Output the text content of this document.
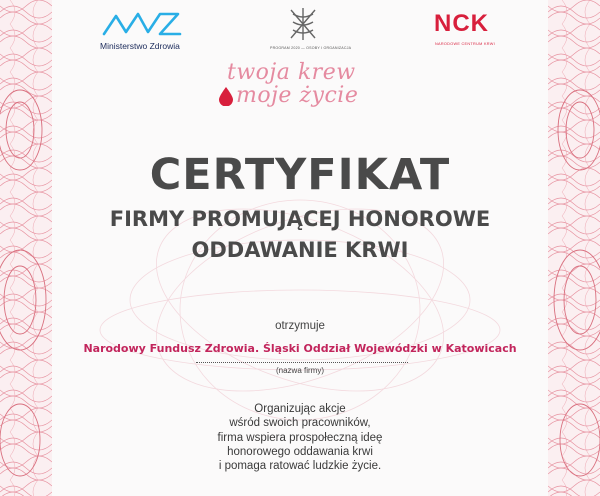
Ministerstwo Zdrowia	PROGRAM 2020 — OSOBY I ORGANIZACJA
NCK
NARODOWE CENTRUM KRWI
twoja krew
moje życie
CERTYFIKAT
FIRMY PROMUJĄCEJ HONOROWE
ODDAWANIE KRWI
otrzymuje
Narodowy Fundusz Zdrowia. Śląski Oddział Wojewódzki w Katowicach
(nazwa firmy)
Organizując akcje
wśród swoich pracowników,
firma wspiera prospołeczną ideę
honorowego oddawania krwi
i pomaga ratować ludzkie życie.
